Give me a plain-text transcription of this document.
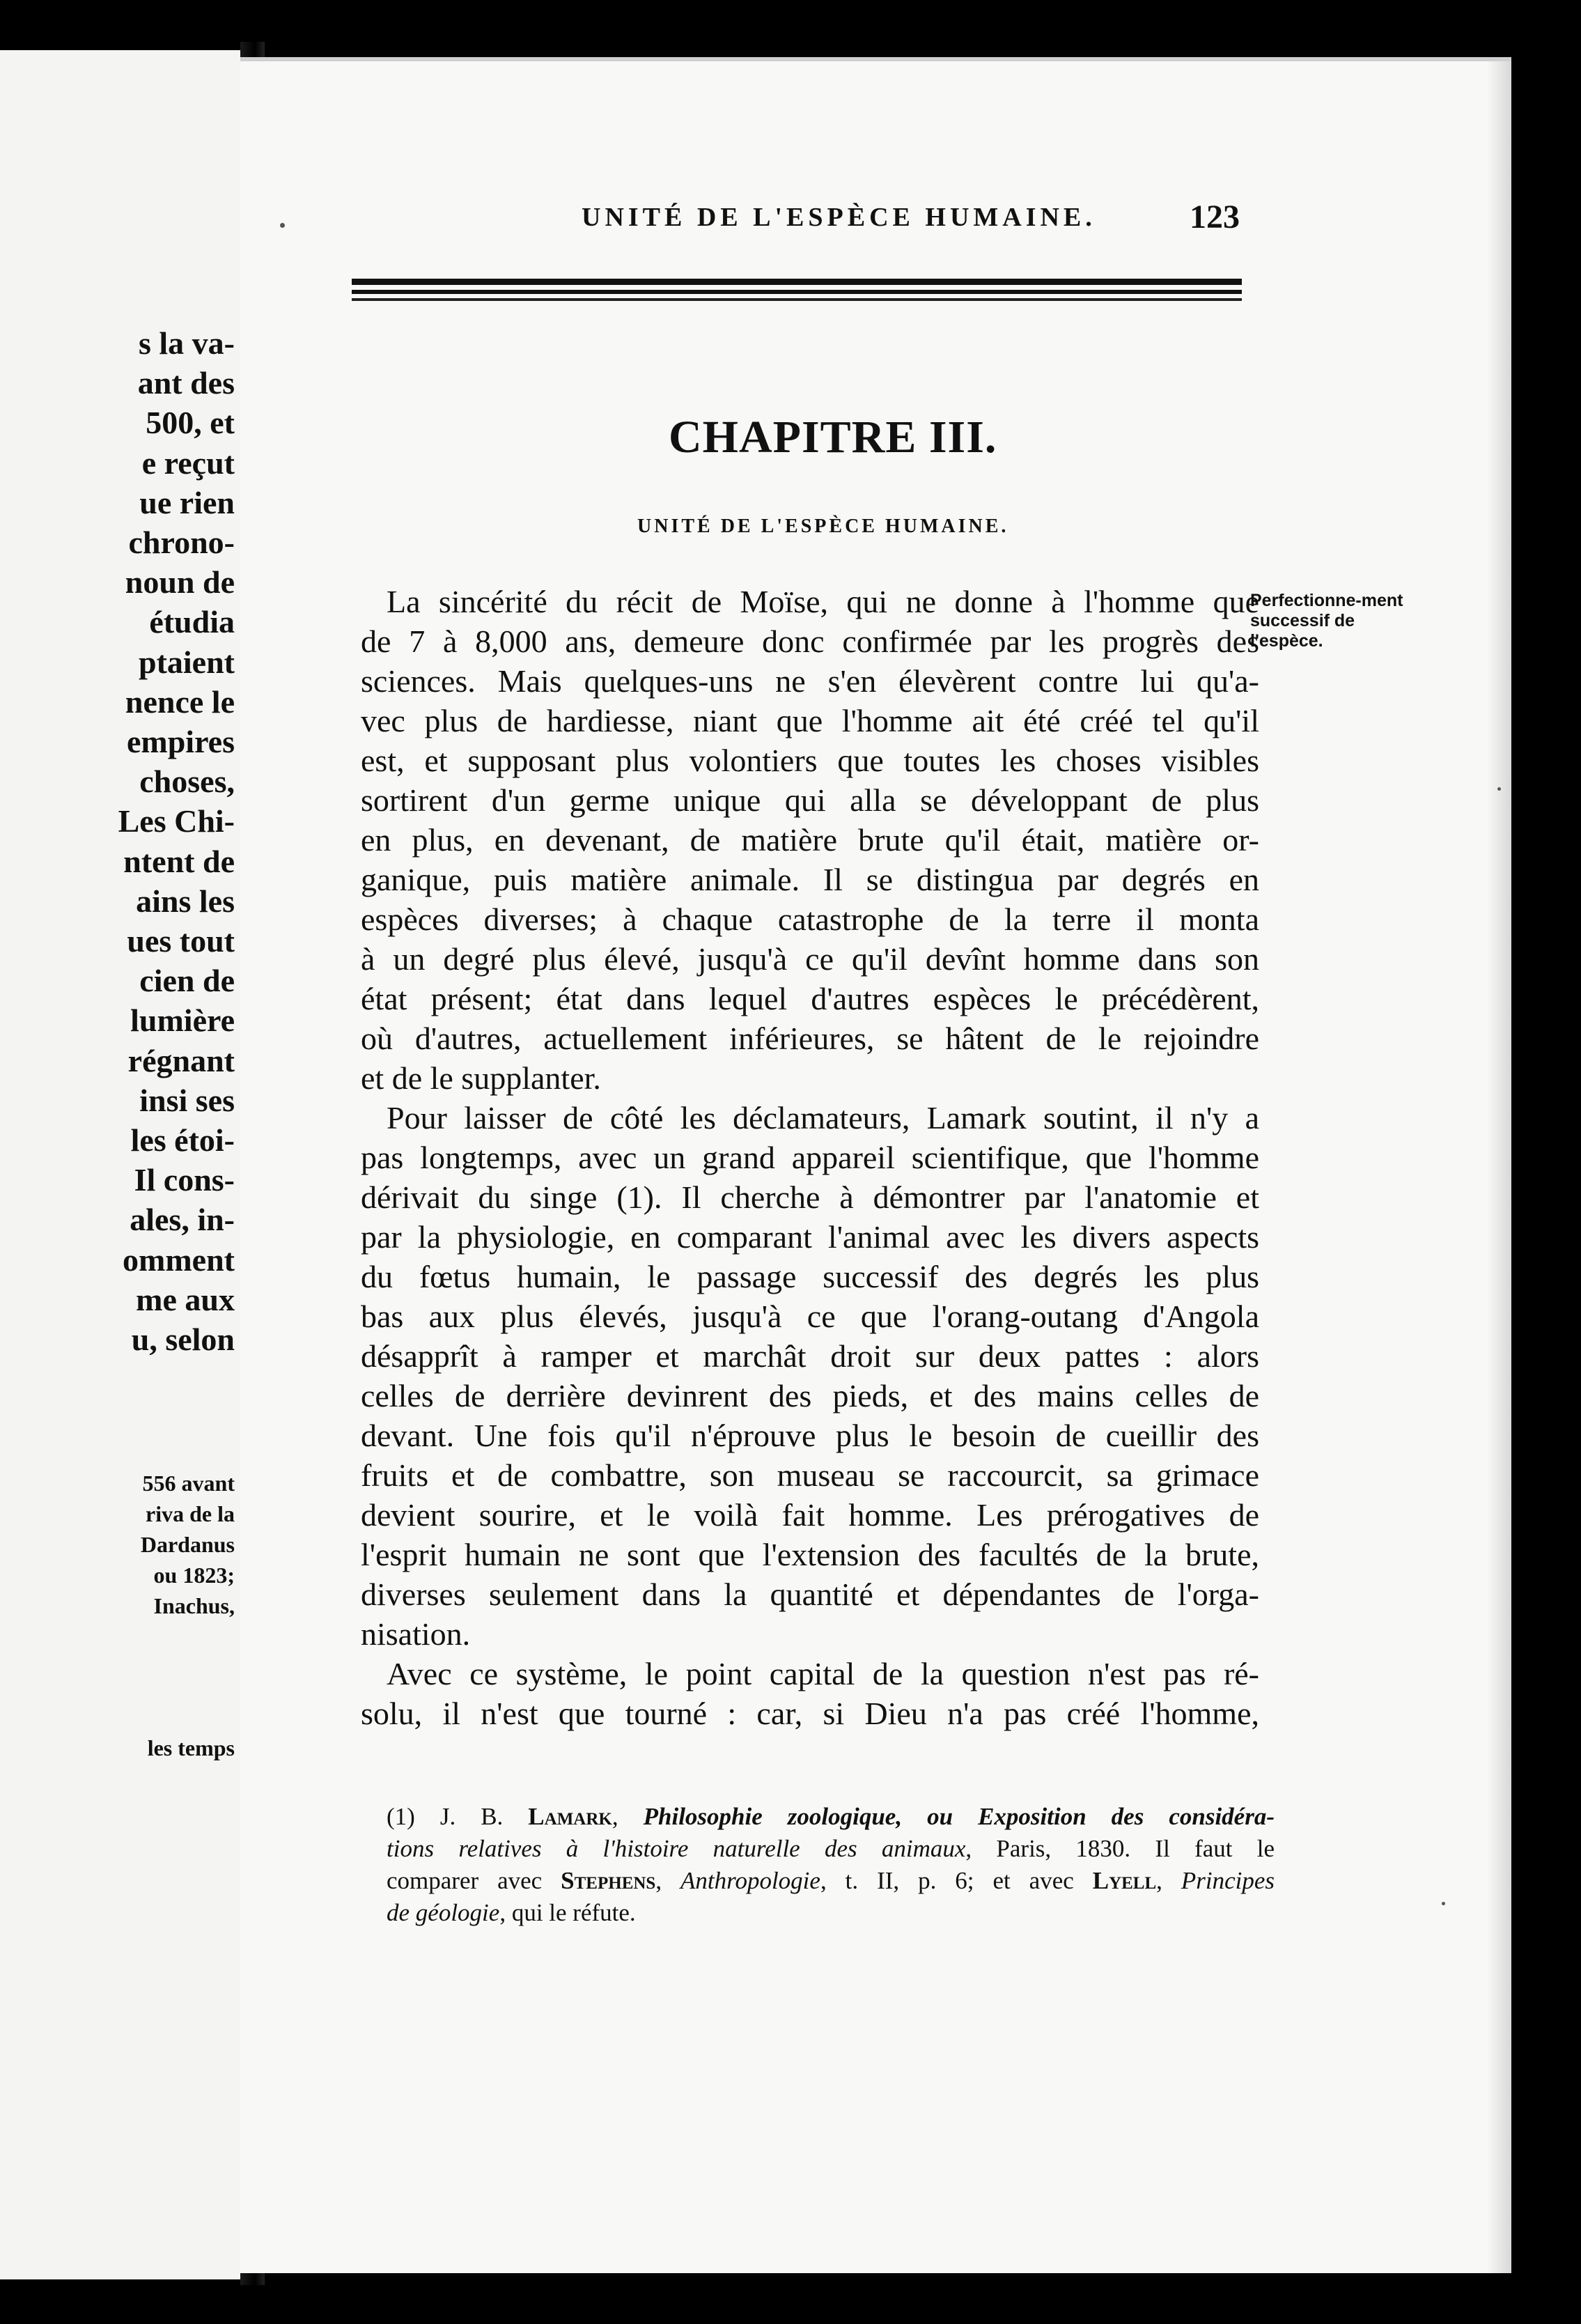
s la va-
ant des
500, et
e reçut
ue rien
chrono-
noun de
étudia
ptaient
nence le
empires
choses,
Les Chi-
ntent de
ains les
ues tout
cien de
lumière
régnant
insi ses
les étoi-
Il cons-
ales, in-
omment
me aux
u, selon
556 avant
riva de la
Dardanus
ou 1823;
Inachus,
les temps
UNITÉ DE L'ESPÈCE HUMAINE.	123
CHAPITRE III.
UNITÉ DE L'ESPÈCE HUMAINE.
Perfectionne-ment successif de l'espèce.
La sincérité du récit de Moïse, qui ne donne à l'homme que
de 7 à 8,000 ans, demeure donc confirmée par les progrès des
sciences. Mais quelques-uns ne s'en élevèrent contre lui qu'a-
vec plus de hardiesse, niant que l'homme ait été créé tel qu'il
est, et supposant plus volontiers que toutes les choses visibles
sortirent d'un germe unique qui alla se développant de plus
en plus, en devenant, de matière brute qu'il était, matière or-
ganique, puis matière animale. Il se distingua par degrés en
espèces diverses; à chaque catastrophe de la terre il monta
à un degré plus élevé, jusqu'à ce qu'il devînt homme dans son
état présent; état dans lequel d'autres espèces le précédèrent,
où d'autres, actuellement inférieures, se hâtent de le rejoindre
et de le supplanter.
Pour laisser de côté les déclamateurs, Lamark soutint, il n'y a
pas longtemps, avec un grand appareil scientifique, que l'homme
dérivait du singe (1). Il cherche à démontrer par l'anatomie et
par la physiologie, en comparant l'animal avec les divers aspects
du fœtus humain, le passage successif des degrés les plus
bas aux plus élevés, jusqu'à ce que l'orang-outang d'Angola
désapprît à ramper et marchât droit sur deux pattes : alors
celles de derrière devinrent des pieds, et des mains celles de
devant. Une fois qu'il n'éprouve plus le besoin de cueillir des
fruits et de combattre, son museau se raccourcit, sa grimace
devient sourire, et le voilà fait homme. Les prérogatives de
l'esprit humain ne sont que l'extension des facultés de la brute,
diverses seulement dans la quantité et dépendantes de l'orga-
nisation.
Avec ce système, le point capital de la question n'est pas ré-
solu, il n'est que tourné : car, si Dieu n'a pas créé l'homme,
(1) J. B. Lamark, Philosophie zoologique, ou Exposition des considéra-
tions relatives à l'histoire naturelle des animaux, Paris, 1830. Il faut le
comparer avec Stephens, Anthropologie, t. II, p. 6; et avec Lyell, Principes
de géologie, qui le réfute.
